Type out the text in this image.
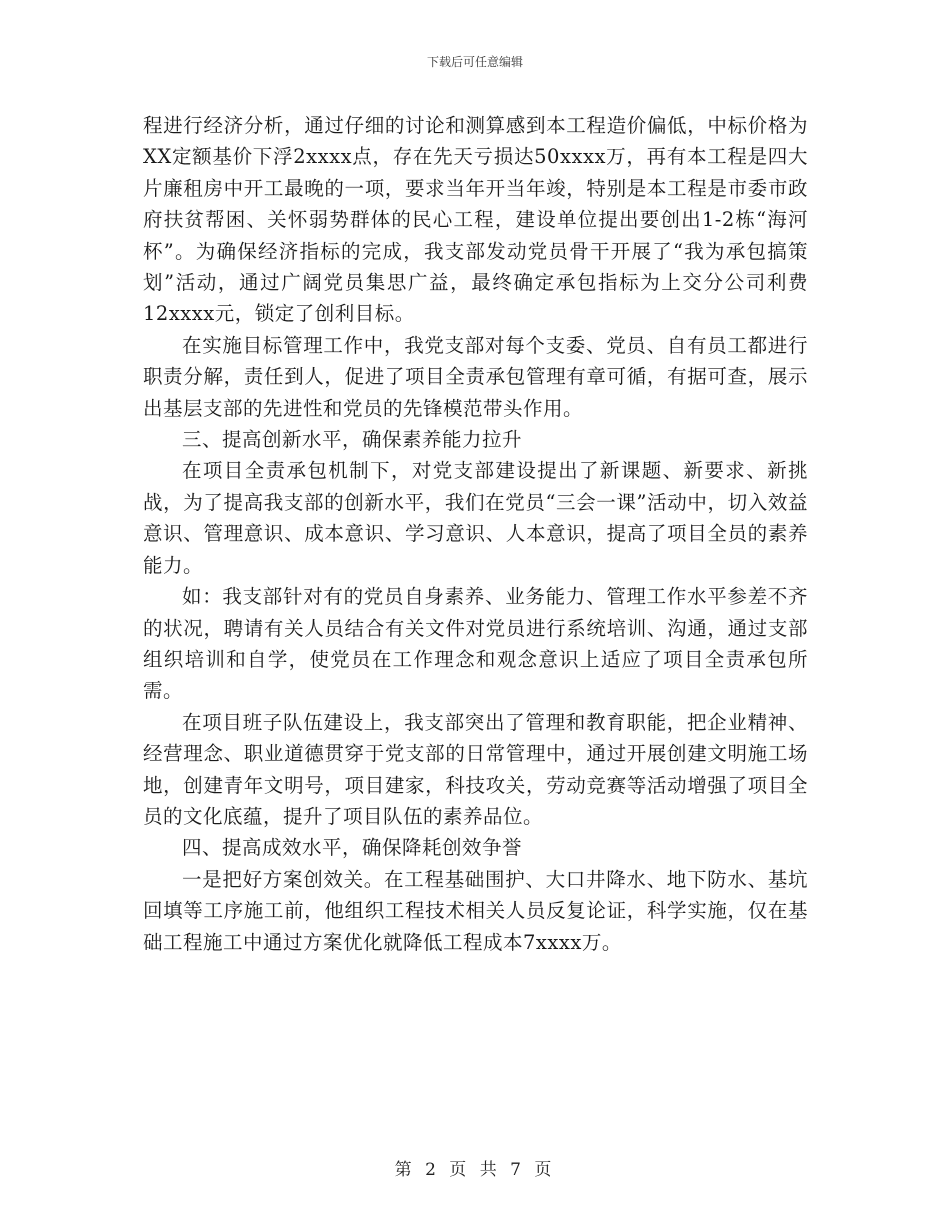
下载后可任意编辑

程进行经济分析，通过仔细的讨论和测算感到本工程造价偏低，中标价格为XX定额基价下浮2xxxx点，存在先天亏损达50xxxx万，再有本工程是四大片廉租房中开工最晚的一项，要求当年开当年竣，特别是本工程是市委市政府扶贫帮困、关怀弱势群体的民心工程，建设单位提出要创出1-2栋“海河杯”。为确保经济指标的完成，我支部发动党员骨干开展了“我为承包搞策划”活动，通过广阔党员集思广益，最终确定承包指标为上交分公司利费12xxxx元，锁定了创利目标。

在实施目标管理工作中，我党支部对每个支委、党员、自有员工都进行职责分解，责任到人，促进了项目全责承包管理有章可循，有据可查，展示出基层支部的先进性和党员的先锋模范带头作用。

三、提高创新水平，确保素养能力拉升

在项目全责承包机制下，对党支部建设提出了新课题、新要求、新挑战，为了提高我支部的创新水平，我们在党员“三会一课”活动中，切入效益意识、管理意识、成本意识、学习意识、人本意识，提高了项目全员的素养能力。

如：我支部针对有的党员自身素养、业务能力、管理工作水平参差不齐的状况，聘请有关人员结合有关文件对党员进行系统培训、沟通，通过支部组织培训和自学，使党员在工作理念和观念意识上适应了项目全责承包所需。

在项目班子队伍建设上，我支部突出了管理和教育职能，把企业精神、经营理念、职业道德贯穿于党支部的日常管理中，通过开展创建文明施工场地，创建青年文明号，项目建家，科技攻关，劳动竞赛等活动增强了项目全员的文化底蕴，提升了项目队伍的素养品位。

四、提高成效水平，确保降耗创效争誉

一是把好方案创效关。在工程基础围护、大口井降水、地下防水、基坑回填等工序施工前，他组织工程技术相关人员反复论证，科学实施，仅在基础工程施工中通过方案优化就降低工程成本7xxxx万。

第 2 页 共 7 页
